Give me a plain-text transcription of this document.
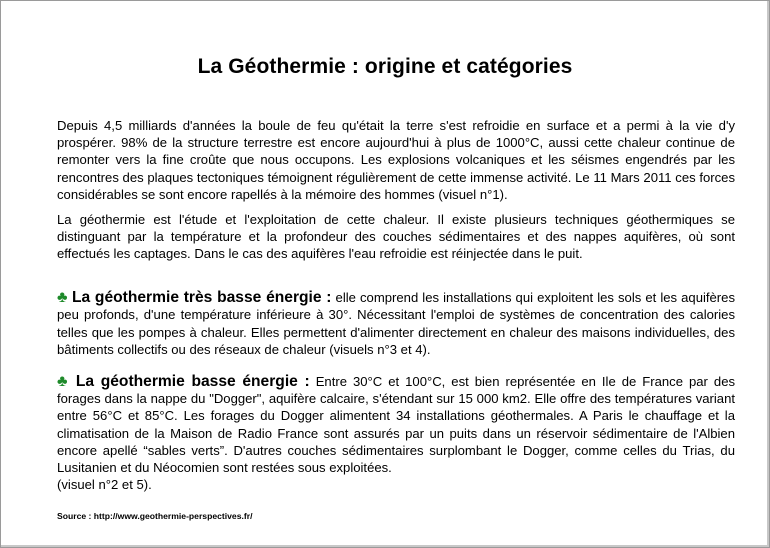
La Géothermie : origine et catégories
Depuis 4,5 milliards d'années la boule de feu qu'était la terre s'est refroidie en surface et a permi à la vie d'y prospérer. 98% de la structure terrestre est encore aujourd'hui à plus de 1000°C, aussi cette chaleur continue de remonter vers la fine croûte que nous occupons. Les explosions volcaniques et les séismes engendrés par les rencontres des plaques tectoniques témoignent régulièrement de cette immense activité. Le 11 Mars 2011 ces forces considérables se sont encore rapellés à la mémoire des hommes (visuel n°1).
La géothermie est l'étude et l'exploitation de cette chaleur. Il existe plusieurs techniques géothermiques se distinguant par la température et la profondeur des couches sédimentaires et des nappes aquifères, où sont effectués les captages. Dans le cas des aquifères l'eau refroidie est réinjectée dans le puit.
♣ La géothermie très basse énergie : elle comprend les installations qui exploitent les sols et les aquifères peu profonds, d'une température inférieure à 30°. Nécessitant l'emploi de systèmes de concentration des calories telles que les pompes à chaleur. Elles permettent d'alimenter directement en chaleur des maisons individuelles, des bâtiments collectifs ou des réseaux de chaleur (visuels n°3 et 4).
♣ La géothermie basse énergie : Entre 30°C et 100°C, est bien représentée en Ile de France par des forages dans la nappe du "Dogger", aquifère calcaire, s'étendant sur 15 000 km2. Elle offre des températures variant entre 56°C et 85°C. Les forages du Dogger alimentent 34 installations géothermales. A Paris le chauffage et la climatisation de la Maison de Radio France sont assurés par un puits dans un réservoir sédimentaire de l'Albien encore apellé “sables verts”. D'autres couches sédimentaires surplombant le Dogger, comme celles du Trias, du Lusitanien et du Néocomien sont restées sous exploitées.
(visuel n°2 et 5).
Source : http://www.geothermie-perspectives.fr/
